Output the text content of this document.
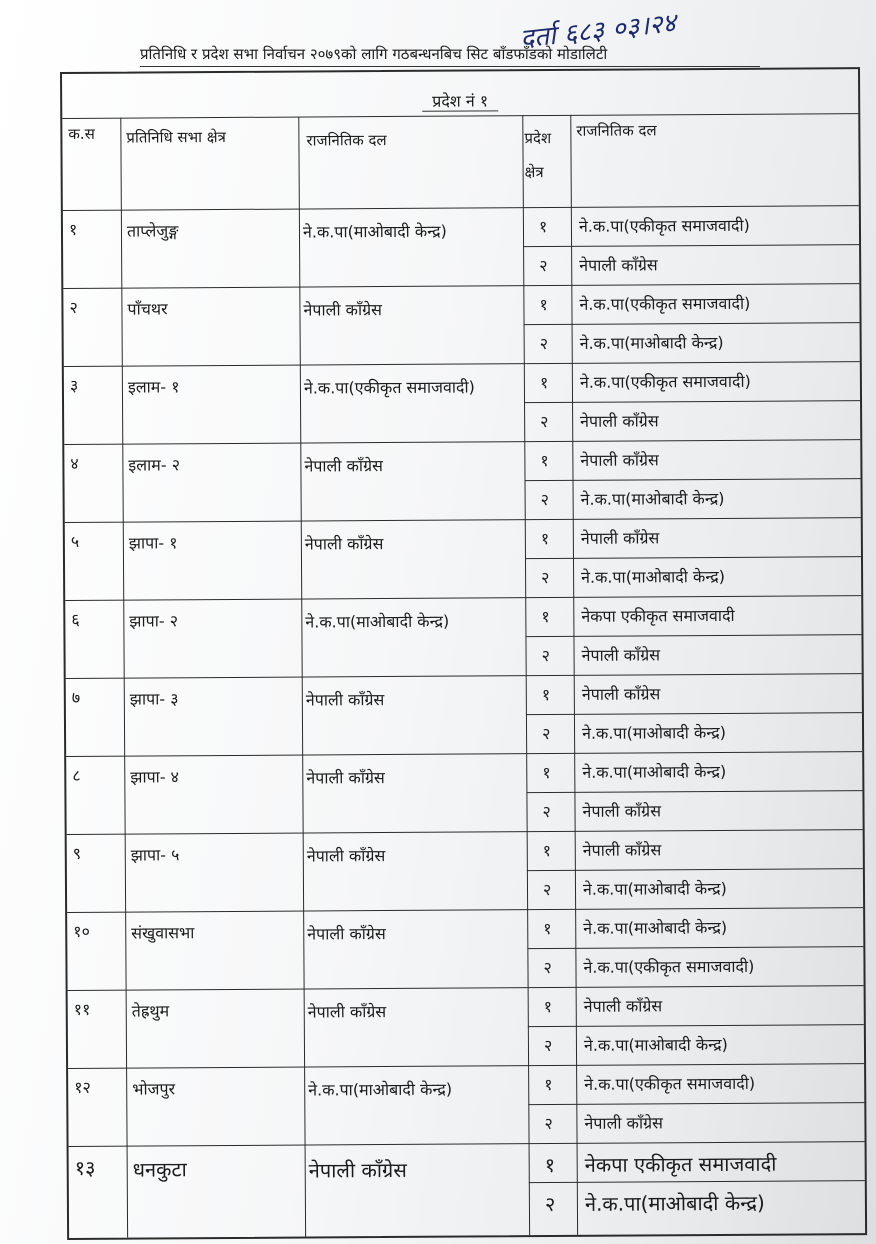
दर्ता ६८३ ०३।२४
प्रतिनिधि र प्रदेश सभा निर्वाचन २०७९को लागि गठबन्धनबिच सिट बाँडफाँडको मोडालिटी
प्रदेश नं १
क.स प्रतिनिधि सभा क्षेत्र	राजनितिक दल	प्रदेश क्षेत्र
राजनितिक दल
१	ताप्लेजुङ्ग	ने.क.पा(माओबादी केन्द्र)	१ ने.क.पा(एकीकृत समाजवादी)
२ नेपाली काँग्रेस
२	पाँचथर	नेपाली काँग्रेस	१ ने.क.पा(एकीकृत समाजवादी)
२ ने.क.पा(माओबादी केन्द्र)
३	इलाम- १	ने.क.पा(एकीकृत समाजवादी)	१ ने.क.पा(एकीकृत समाजवादी)
२ नेपाली काँग्रेस
४	इलाम- २	नेपाली काँग्रेस	१ नेपाली काँग्रेस
२ ने.क.पा(माओबादी केन्द्र)
५	झापा- १	नेपाली काँग्रेस	१ नेपाली काँग्रेस
२ ने.क.पा(माओबादी केन्द्र)
६	झापा- २	ने.क.पा(माओबादी केन्द्र)	१ नेकपा एकीकृत समाजवादी
२ नेपाली काँग्रेस
७	झापा- ३	नेपाली काँग्रेस	१ नेपाली काँग्रेस
२ ने.क.पा(माओबादी केन्द्र)
८	झापा- ४	नेपाली काँग्रेस	१ ने.क.पा(माओबादी केन्द्र)
२ नेपाली काँग्रेस
९	झापा- ५	नेपाली काँग्रेस	१ नेपाली काँग्रेस
२ ने.क.पा(माओबादी केन्द्र)
१०	संखुवासभा	नेपाली काँग्रेस	१ ने.क.पा(माओबादी केन्द्र)
२ ने.क.पा(एकीकृत समाजवादी)
११	तेह्रथुम	नेपाली काँग्रेस	१ नेपाली काँग्रेस
२ ने.क.पा(माओबादी केन्द्र)
१२	भोजपुर	ने.क.पा(माओबादी केन्द्र)	१ ने.क.पा(एकीकृत समाजवादी)
२ नेपाली काँग्रेस
१३ धनकुटा	नेपाली काँग्रेस	१ नेकपा एकीकृत समाजवादी
२ ने.क.पा(माओबादी केन्द्र)
